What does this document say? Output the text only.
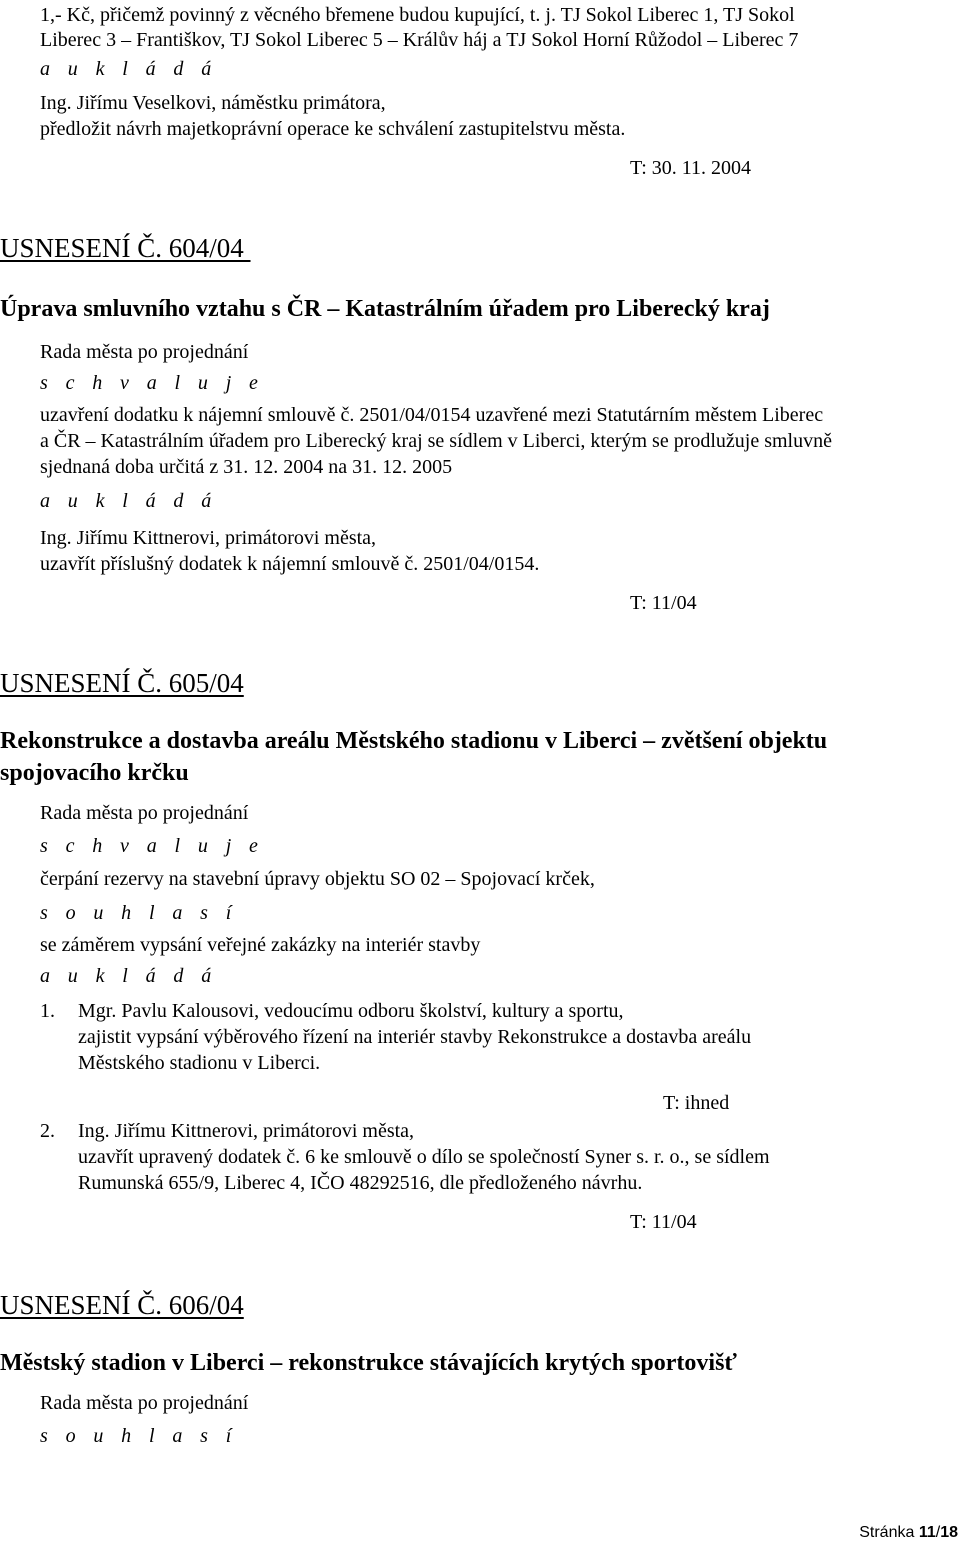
1,- Kč, přičemž povinný z věcného břemene budou kupující, t. j. TJ Sokol Liberec 1, TJ Sokol
Liberec 3 – Františkov, TJ Sokol Liberec 5 – Králův háj a TJ Sokol Horní Růžodol – Liberec 7
a u k l á d á
Ing. Jiřímu Veselkovi, náměstku primátora,
předložit návrh majetkoprávní operace ke schválení zastupitelstvu města.
T: 30. 11. 2004
USNESENÍ Č. 604/04
Úprava smluvního vztahu s ČR – Katastrálním úřadem pro Liberecký kraj
Rada města po projednání
s c h v a l u j e
uzavření dodatku k nájemní smlouvě č. 2501/04/0154 uzavřené mezi Statutárním městem Liberec
a ČR – Katastrálním úřadem pro Liberecký kraj se sídlem v Liberci, kterým se prodlužuje smluvně
sjednaná doba určitá z 31. 12. 2004 na 31. 12. 2005
a u k l á d á
Ing. Jiřímu Kittnerovi, primátorovi města,
uzavřít příslušný dodatek k nájemní smlouvě č. 2501/04/0154.
T: 11/04
USNESENÍ Č. 605/04
Rekonstrukce a dostavba areálu Městského stadionu v Liberci – zvětšení objektu
spojovacího krčku
Rada města po projednání
s c h v a l u j e
čerpání rezervy na stavební úpravy objektu SO 02 – Spojovací krček,
s o u h l a s í
se záměrem vypsání veřejné zakázky na interiér stavby
a u k l á d á
1. Mgr. Pavlu Kalousovi, vedoucímu odboru školství, kultury a sportu,
zajistit vypsání výběrového řízení na interiér stavby Rekonstrukce a dostavba areálu
Městského stadionu v Liberci.
T: ihned
2. Ing. Jiřímu Kittnerovi, primátorovi města,
uzavřít upravený dodatek č. 6 ke smlouvě o dílo se společností Syner s. r. o., se sídlem
Rumunská 655/9, Liberec 4, IČO 48292516, dle předloženého návrhu.
T: 11/04
USNESENÍ Č. 606/04
Městský stadion v Liberci – rekonstrukce stávajících krytých sportovišť
Rada města po projednání
s o u h l a s í
Stránka 11/18
